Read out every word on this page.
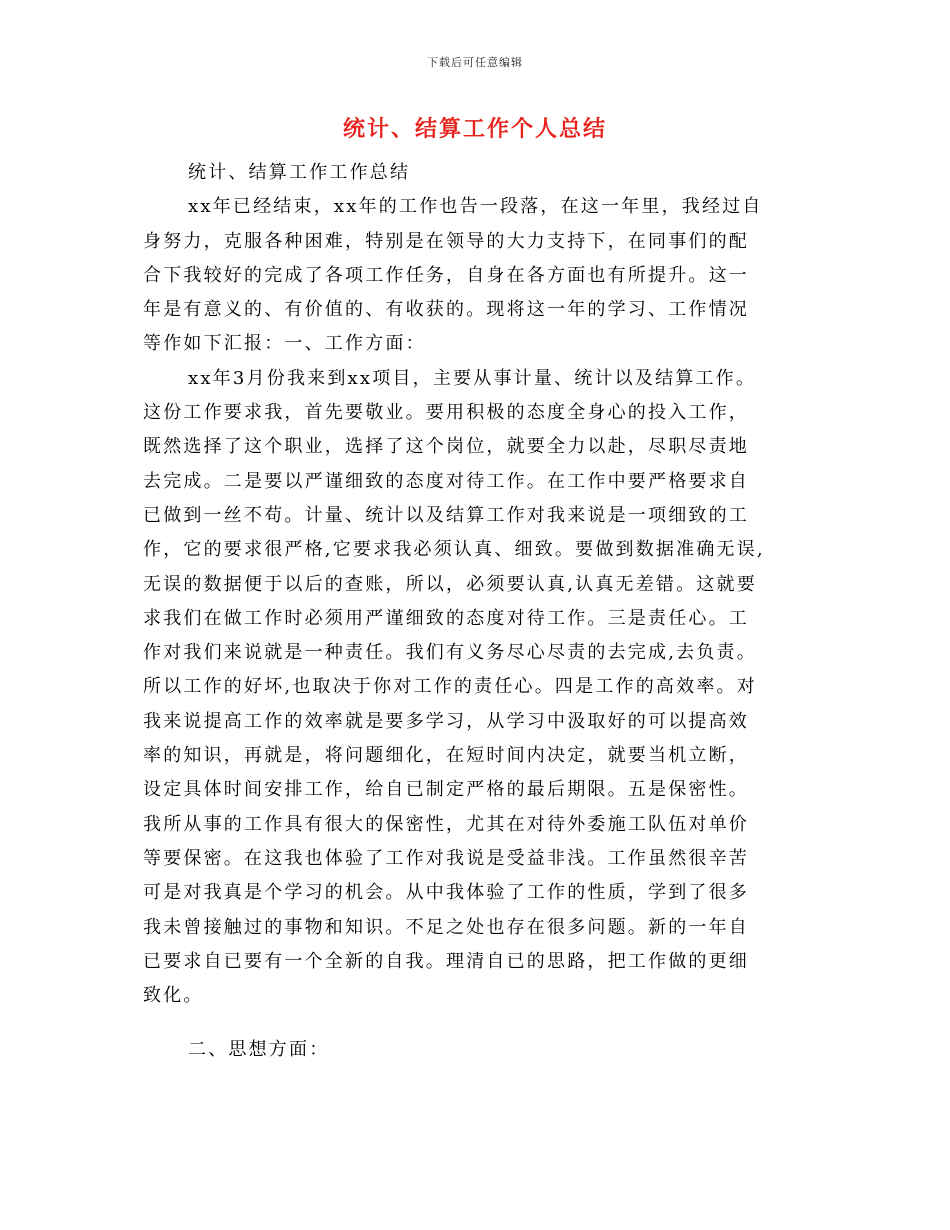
下载后可任意编辑
统计、结算工作个人总结
统计、结算工作工作总结
xx年已经结束，xx年的工作也告一段落，在这一年里，我经过自
身努力，克服各种困难，特别是在领导的大力支持下，在同事们的配
合下我较好的完成了各项工作任务，自身在各方面也有所提升。这一
年是有意义的、有价值的、有收获的。现将这一年的学习、工作情况
等作如下汇报：一、工作方面：
xx年3月份我来到xx项目，主要从事计量、统计以及结算工作。
这份工作要求我，首先要敬业。要用积极的态度全身心的投入工作，
既然选择了这个职业，选择了这个岗位，就要全力以赴，尽职尽责地
去完成。二是要以严谨细致的态度对待工作。在工作中要严格要求自
已做到一丝不苟。计量、统计以及结算工作对我来说是一项细致的工
作，它的要求很严格,它要求我必须认真、细致。要做到数据准确无误,
无误的数据便于以后的查账，所以，必须要认真,认真无差错。这就要
求我们在做工作时必须用严谨细致的态度对待工作。三是责任心。工
作对我们来说就是一种责任。我们有义务尽心尽责的去完成,去负责。
所以工作的好坏,也取决于你对工作的责任心。四是工作的高效率。对
我来说提高工作的效率就是要多学习，从学习中汲取好的可以提高效
率的知识，再就是，将问题细化，在短时间内决定，就要当机立断，
设定具体时间安排工作，给自已制定严格的最后期限。五是保密性。
我所从事的工作具有很大的保密性，尤其在对待外委施工队伍对单价
等要保密。在这我也体验了工作对我说是受益非浅。工作虽然很辛苦
可是对我真是个学习的机会。从中我体验了工作的性质，学到了很多
我未曾接触过的事物和知识。不足之处也存在很多问题。新的一年自
已要求自已要有一个全新的自我。理清自已的思路，把工作做的更细
致化。
二、思想方面：
